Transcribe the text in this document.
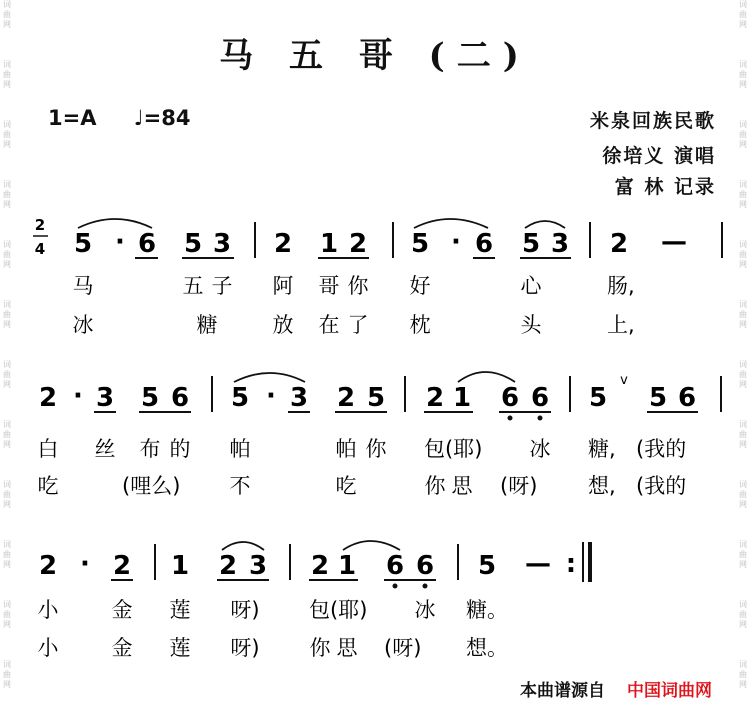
词
曲
网
词
曲
网
词
曲
网
词
曲
网
词
曲
网
词
曲
网
词
曲
网
词
曲
网
词
曲
网
词
曲
网
词
曲
网
词
曲
网
词
曲
网
词
曲
网
词
曲
网
词
曲
网
词
曲
网
词
曲
网
词
曲
网
词
曲
网
词
曲
网
词
曲
网
词
曲
网
词
曲
网
马 五 哥 (二)
1=A ♩=84	米泉回族民歌
徐培义 演唱
富 林 记录
2
4 5 · 6 5 3 2 1 2 5 · 6 5 3 2 —
马	五 子 阿 哥 你 好	心	肠,
冰	糖	放 在 了 枕	头	上,
2 · 3 5 6 5 · 3 2 5 2 1 6 6 5
v
5 6
白 丝 布 的 帕	帕 你 包(耶) 冰 糖, (我的
吃	(哩么) 不	吃	你 思 (呀) 想, (我的
2 · 2 1 2 3 2 1 6 6 5 — :
小	金 莲 呀) 包(耶) 冰 糖。
小	金 莲 呀) 你 思 (呀) 想。
本曲谱源自 中国词曲网
